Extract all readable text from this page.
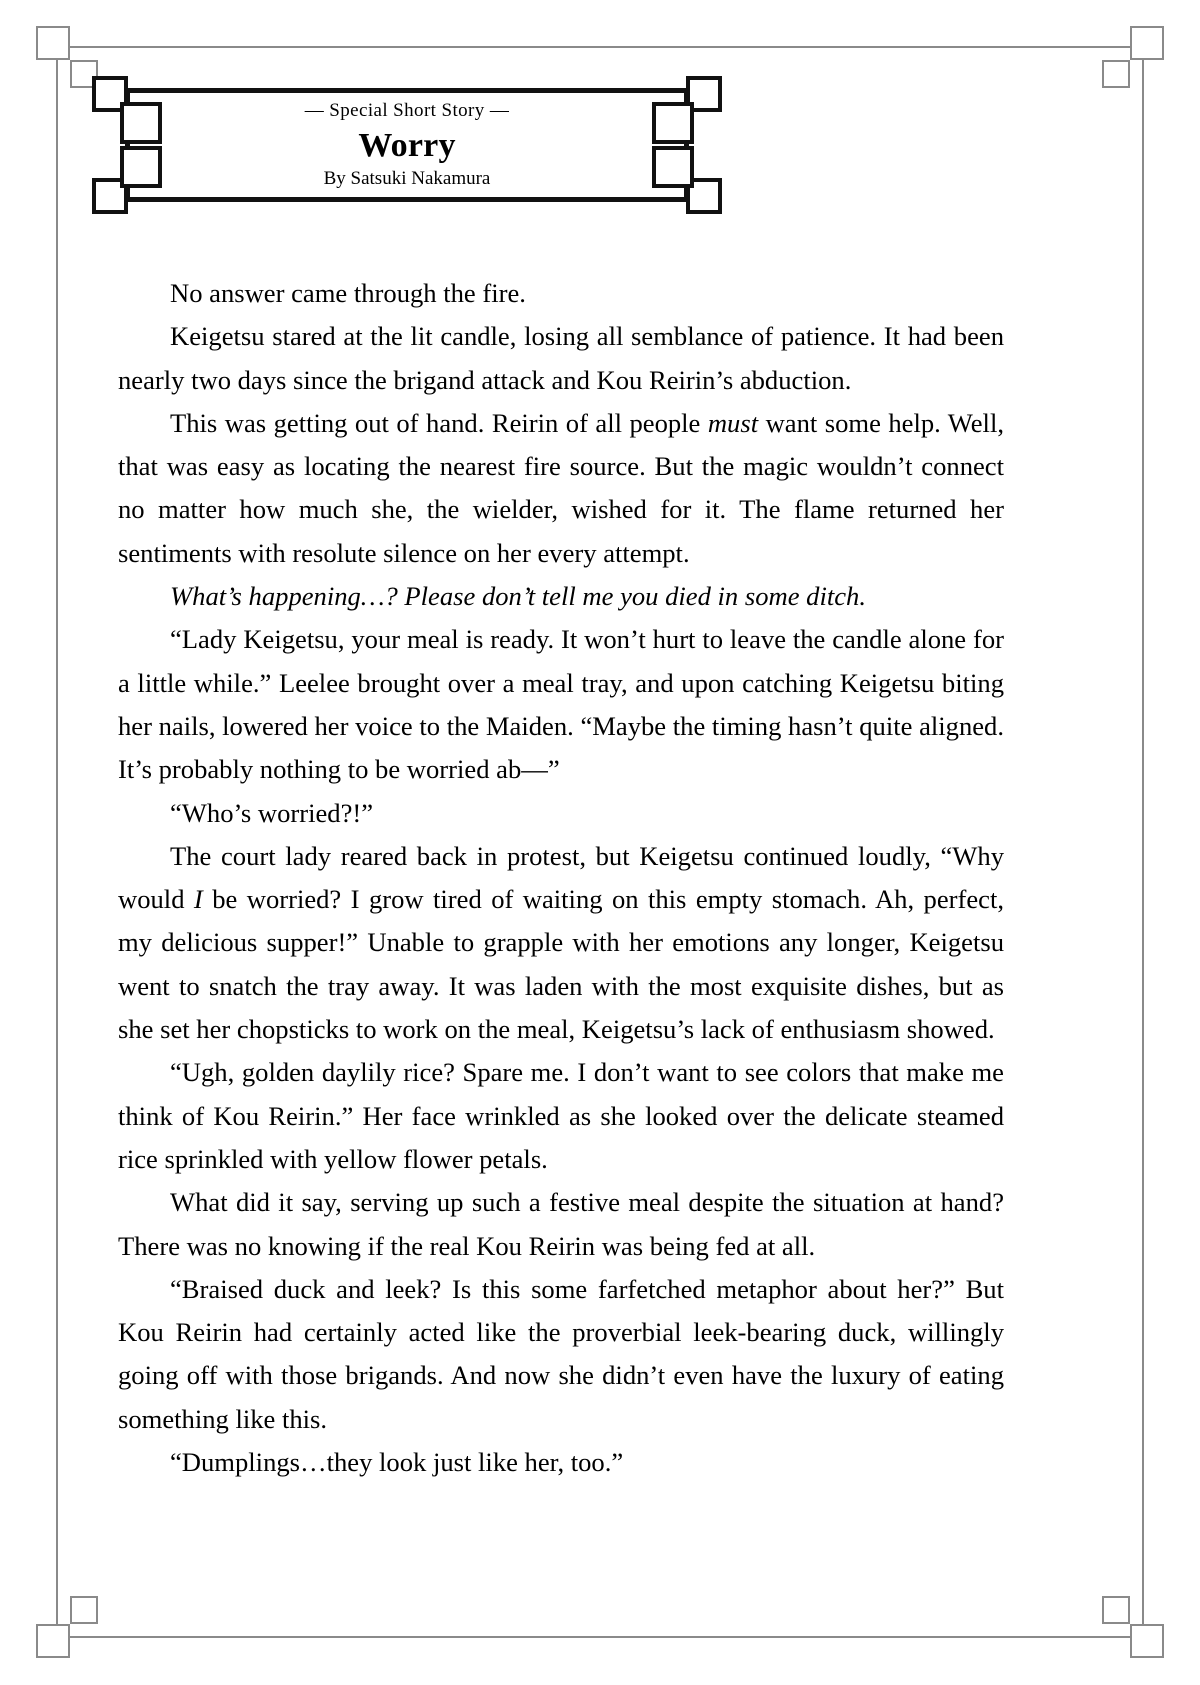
— Special Short Story —
Worry
By Satsuki Nakamura

No answer came through the fire.

Keigetsu stared at the lit candle, losing all semblance of patience. It had been nearly two days since the brigand attack and Kou Reirin’s abduction.

This was getting out of hand. Reirin of all people must want some help. Well, that was easy as locating the nearest fire source. But the magic wouldn’t connect no matter how much she, the wielder, wished for it. The flame returned her sentiments with resolute silence on her every attempt.

What’s happening…? Please don’t tell me you died in some ditch.

“Lady Keigetsu, your meal is ready. It won’t hurt to leave the candle alone for a little while.” Leelee brought over a meal tray, and upon catching Keigetsu biting her nails, lowered her voice to the Maiden. “Maybe the timing hasn’t quite aligned. It’s probably nothing to be worried ab—”

“Who’s worried?!”

The court lady reared back in protest, but Keigetsu continued loudly, “Why would I be worried? I grow tired of waiting on this empty stomach. Ah, perfect, my delicious supper!” Unable to grapple with her emotions any longer, Keigetsu went to snatch the tray away. It was laden with the most exquisite dishes, but as she set her chopsticks to work on the meal, Keigetsu’s lack of enthusiasm showed.

“Ugh, golden daylily rice? Spare me. I don’t want to see colors that make me think of Kou Reirin.” Her face wrinkled as she looked over the delicate steamed rice sprinkled with yellow flower petals.

What did it say, serving up such a festive meal despite the situation at hand? There was no knowing if the real Kou Reirin was being fed at all.

“Braised duck and leek? Is this some farfetched metaphor about her?” But Kou Reirin had certainly acted like the proverbial leek-bearing duck, willingly going off with those brigands. And now she didn’t even have the luxury of eating something like this.

“Dumplings…they look just like her, too.”
